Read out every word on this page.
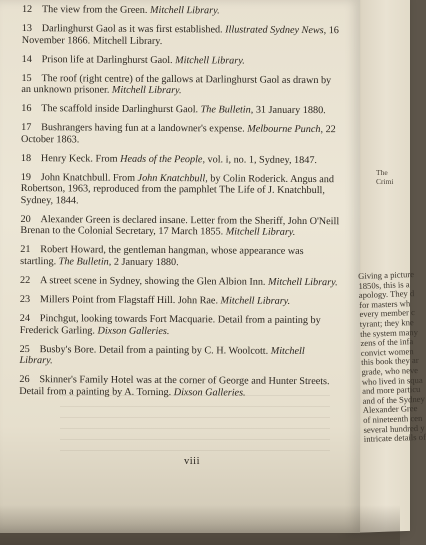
12 The view from the Green. Mitchell Library.
13 Darlinghurst Gaol as it was first established. Illustrated Sydney News, 16 November 1866. Mitchell Library.
14 Prison life at Darlinghurst Gaol. Mitchell Library.
15 The roof (right centre) of the gallows at Darlinghurst Gaol as drawn by an unknown prisoner. Mitchell Library.
16 The scaffold inside Darlinghurst Gaol. The Bulletin, 31 January 1880.
17 Bushrangers having fun at a landowner's expense. Melbourne Punch, 22 October 1863.
18 Henry Keck. From Heads of the People, vol. i, no. 1, Sydney, 1847.
19 John Knatchbull. From John Knatchbull, by Colin Roderick. Angus and Robertson, 1963, reproduced from the pamphlet The Life of J. Knatchbull, Sydney, 1844.
20 Alexander Green is declared insane. Letter from the Sheriff, John O'Neill Brenan to the Colonial Secretary, 17 March 1855. Mitchell Library.
21 Robert Howard, the gentleman hangman, whose appearance was startling. The Bulletin, 2 January 1880.
22 A street scene in Sydney, showing the Glen Albion Inn. Mitchell Library.
23 Millers Point from Flagstaff Hill. John Rae. Mitchell Library.
24 Pinchgut, looking towards Fort Macquarie. Detail from a painting by Frederick Garling. Dixson Galleries.
25 Busby's Bore. Detail from a painting by C. H. Woolcott. Mitchell Library.
26 Skinner's Family Hotel was at the corner of George and Hunter Streets. Detail from a painting by A. Torning. Dixson Galleries.
viii
The Crimi
Giving a picture
1850s, this is a
apology. They d
for masters wh
every member c
tyrant; they kne
the system many
zens of the infa
convict women
this book they ar
grade, who neve
who lived in squa
and more particu
and of the Sydney
Alexander Gree
of nineteenth cen
several hundred y
intricate details of
